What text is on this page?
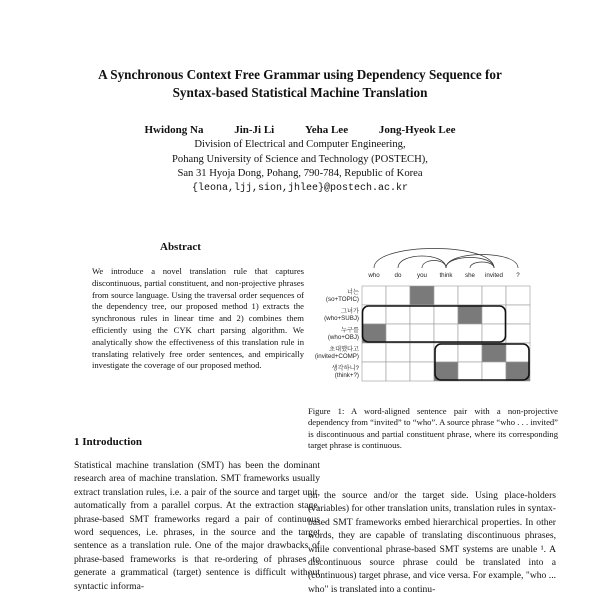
A Synchronous Context Free Grammar using Dependency Sequence for
Syntax-based Statistical Machine Translation
Hwidong Na	Jin-Ji Li	Yeha Lee	Jong-Hyeok Lee
Division of Electrical and Computer Engineering,
Pohang University of Science and Technology (POSTECH),
San 31 Hyoja Dong, Pohang, 790-784, Republic of Korea
{leona,ljj,sion,jhlee}@postech.ac.kr
Abstract
We introduce a novel translation rule that captures discontinuous, partial constituent, and non-projective phrases from source language. Using the traversal order sequences of the dependency tree, our proposed method 1) extracts the synchronous rules in linear time and 2) combines them efficiently using the CYK chart parsing algorithm. We analytically show the effectiveness of this translation rule in translating relatively free order sentences, and empirically investigate the coverage of our proposed method.
1 Introduction
Statistical machine translation (SMT) has been the dominant research area of machine translation. SMT frameworks usually extract translation rules, i.e. a pair of the source and target unit, automatically from a parallel corpus. At the extraction stage, phrase-based SMT frameworks regard a pair of continuous word sequences, i.e. phrases, in the source and the target sentence as a translation rule. One of the major drawbacks of phrase-based frameworks is that re-ordering of phrases to generate a grammatical (target) sentence is difficult without syntactic informa-
who do	you think she invited ?
너는
(so+TOPIC)
그녀가
(who+SUBJ)
누구를
(who+OBJ)
초대했다고
(invited+COMP)
생각하니?
(think+?)
Figure 1: A word-aligned sentence pair with a non-projective dependency from “invited” to “who”. A source phrase “who . . . invited” is discontinuous and partial constituent phrase, where its corresponding target phrase is continuous.
on the source and/or the target side. Using place-holders (variables) for other translation units, translation rules in syntax-based SMT frameworks embed hierarchical properties. In other words, they are capable of translating discontinuous phrases, while conventional phrase-based SMT systems are unable ¹. A discontinuous source phrase could be translated into a (continuous) target phrase, and vice versa. For example, "who ... who" is translated into a continu-
